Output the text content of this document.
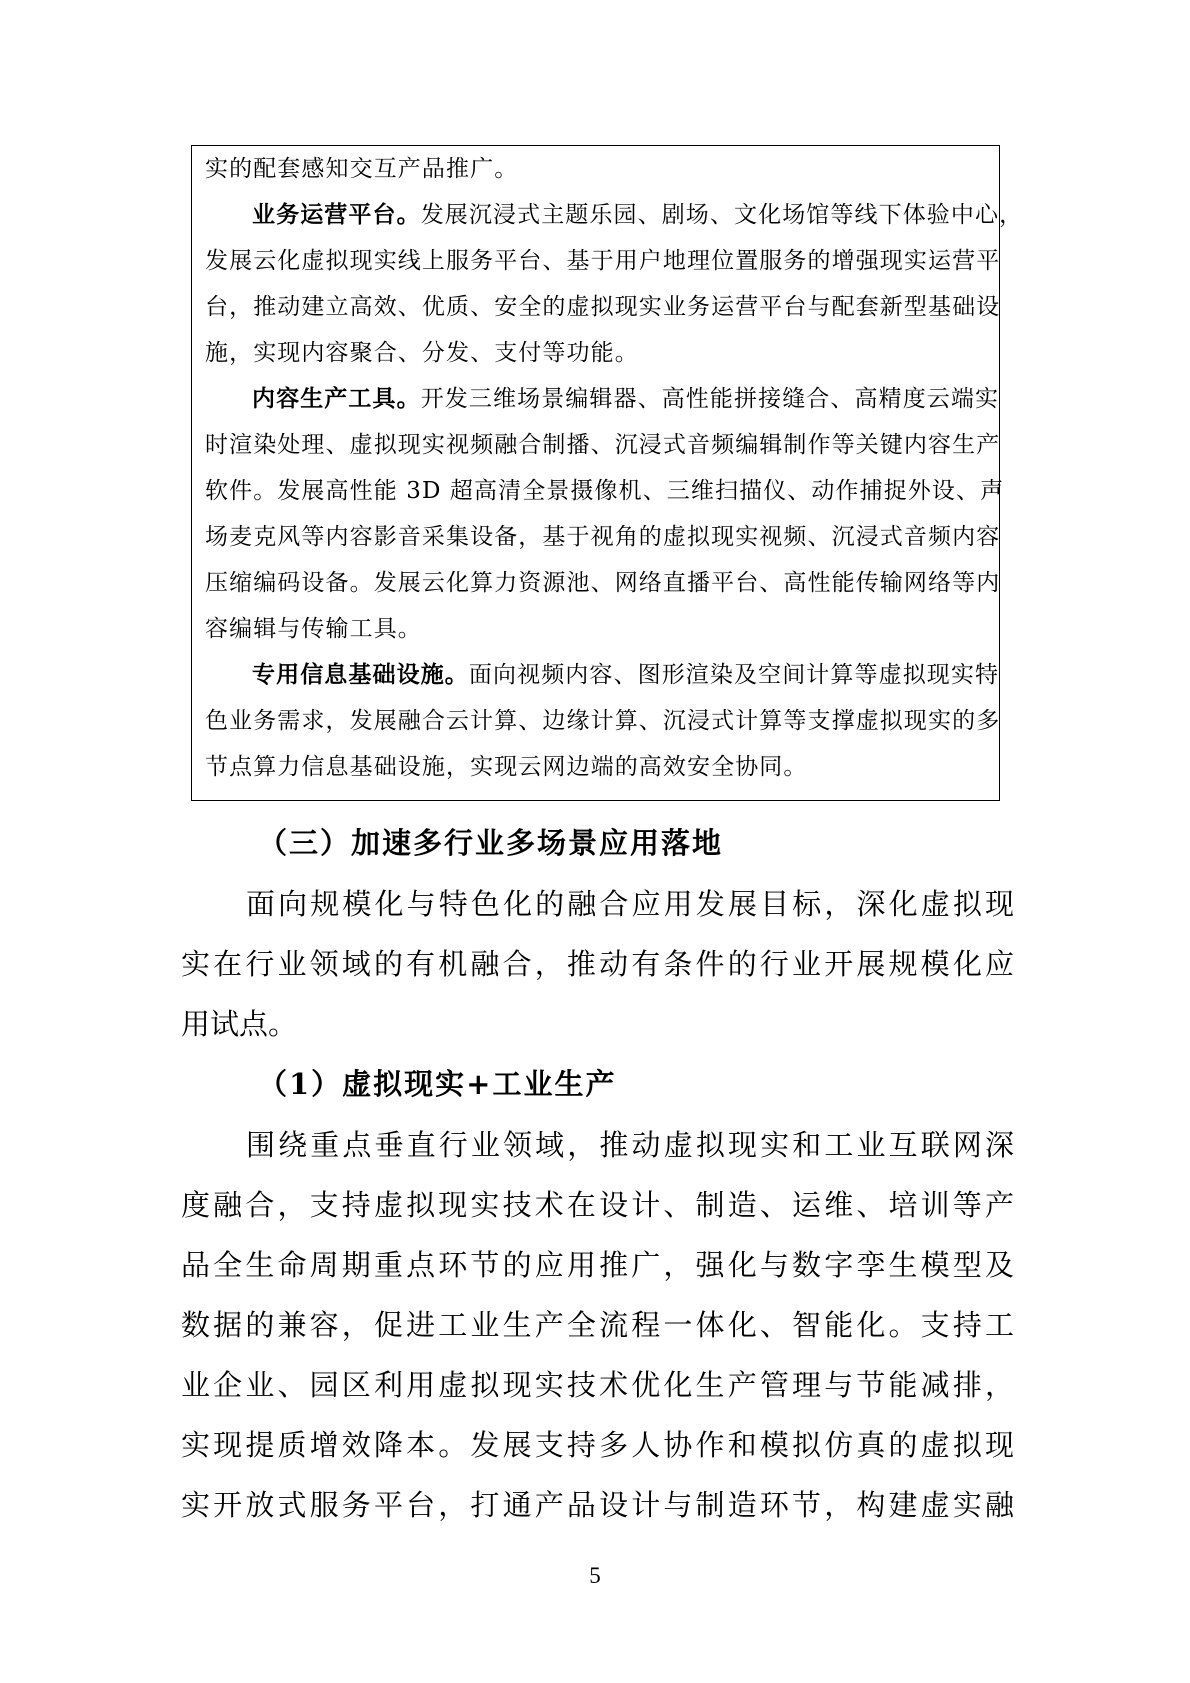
实的配套感知交互产品推广。
业务运营平台。发展沉浸式主题乐园、剧场、文化场馆等线下体验中心，
发展云化虚拟现实线上服务平台、基于用户地理位置服务的增强现实运营平
台，推动建立高效、优质、安全的虚拟现实业务运营平台与配套新型基础设
施，实现内容聚合、分发、支付等功能。
内容生产工具。开发三维场景编辑器、高性能拼接缝合、高精度云端实
时渲染处理、虚拟现实视频融合制播、沉浸式音频编辑制作等关键内容生产
软件。发展高性能 3D 超高清全景摄像机、三维扫描仪、动作捕捉外设、声
场麦克风等内容影音采集设备，基于视角的虚拟现实视频、沉浸式音频内容
压缩编码设备。发展云化算力资源池、网络直播平台、高性能传输网络等内
容编辑与传输工具。
专用信息基础设施。面向视频内容、图形渲染及空间计算等虚拟现实特
色业务需求，发展融合云计算、边缘计算、沉浸式计算等支撑虚拟现实的多
节点算力信息基础设施，实现云网边端的高效安全协同。
（三）加速多行业多场景应用落地
面向规模化与特色化的融合应用发展目标，深化虚拟现
实在行业领域的有机融合，推动有条件的行业开展规模化应
用试点。
（1）虚拟现实+工业生产
围绕重点垂直行业领域，推动虚拟现实和工业互联网深
度融合，支持虚拟现实技术在设计、制造、运维、培训等产
品全生命周期重点环节的应用推广，强化与数字孪生模型及
数据的兼容，促进工业生产全流程一体化、智能化。支持工
业企业、园区利用虚拟现实技术优化生产管理与节能减排，
实现提质增效降本。发展支持多人协作和模拟仿真的虚拟现
实开放式服务平台，打通产品设计与制造环节，构建虚实融
5
